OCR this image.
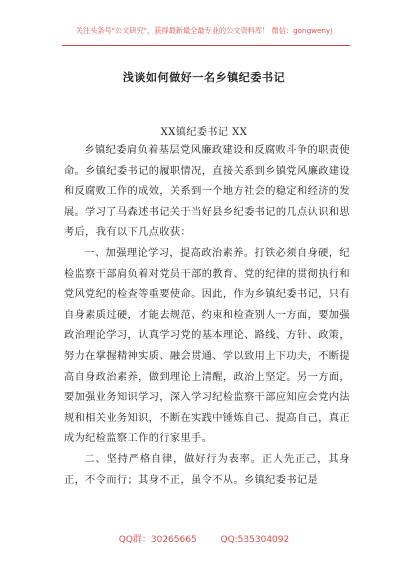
关注头条号"公文研究"，获得最新最全最专业的公文资料库！ 微信：gongwenyj
浅谈如何做好一名乡镇纪委书记
XX镇纪委书记 XX

乡镇纪委肩负着基层党风廉政建设和反腐败斗争的职责使命。乡镇纪委书记的履职情况，直接关系到乡镇党风廉政建设和反腐败工作的成效，关系到一个地方社会的稳定和经济的发展。学习了马森述书记关于当好县乡纪委书记的几点认识和思考后，我有以下几点收获：

一、加强理论学习，提高政治素养。打铁必须自身硬，纪检监察干部肩负着对党员干部的教育、党的纪律的贯彻执行和党风党纪的检查等重要使命。因此，作为乡镇纪委书记，只有自身素质过硬，才能去规范、约束和检查别人一方面，要加强政治理论学习，认真学习党的基本理论、路线、方针、政策，努力在掌握精神实质、融会贯通、学以致用上下功夫，不断提高自身政治素养，做到理论上清醒，政治上坚定。另一方面，要加强业务知识学习，深入学习纪检监察干部应知应会党内法规和相关业务知识，不断在实践中锤炼自己、提高自己，真正成为纪检监察工作的行家里手。

二、坚持严格自律，做好行为表率。正人先正己，其身正，不令而行；其身不正，虽令不从。乡镇纪委书记是

QQ群：30265665	QQ:535304092
